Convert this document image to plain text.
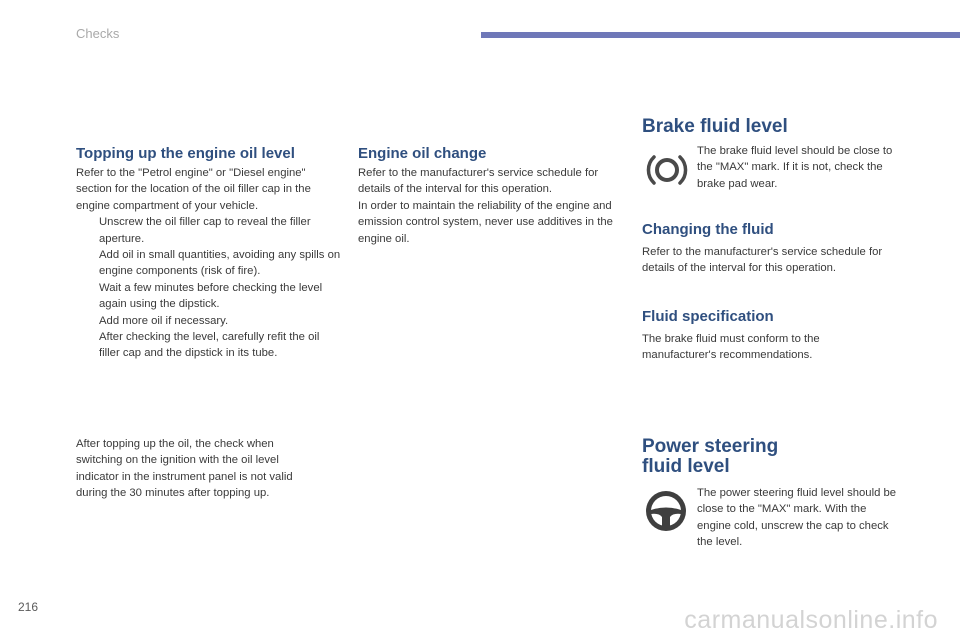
Checks
Topping up the engine oil level

Refer to the "Petrol engine" or "Diesel engine" section for the location of the oil filler cap in the engine compartment of your vehicle.

Unscrew the oil filler cap to reveal the filler aperture.
Add oil in small quantities, avoiding any spills on engine components (risk of fire).
Wait a few minutes before checking the level again using the dipstick.
Add more oil if necessary.
After checking the level, carefully refit the oil filler cap and the dipstick in its tube.
After topping up the oil, the check when switching on the ignition with the oil level indicator in the instrument panel is not valid during the 30 minutes after topping up.
Engine oil change

Refer to the manufacturer's service schedule for details of the interval for this operation.

In order to maintain the reliability of the engine and emission control system, never use additives in the engine oil.

Brake fluid level
The brake fluid level should be close to the "MAX" mark. If it is not, check the brake pad wear.
Changing the fluid
Refer to the manufacturer's service schedule for details of the interval for this operation.
Fluid specification
The brake fluid must conform to the manufacturer's recommendations.
Power steering
fluid level
The power steering fluid level should be close to the "MAX" mark. With the engine cold, unscrew the cap to check the level.
216	carmanualsonline.info
